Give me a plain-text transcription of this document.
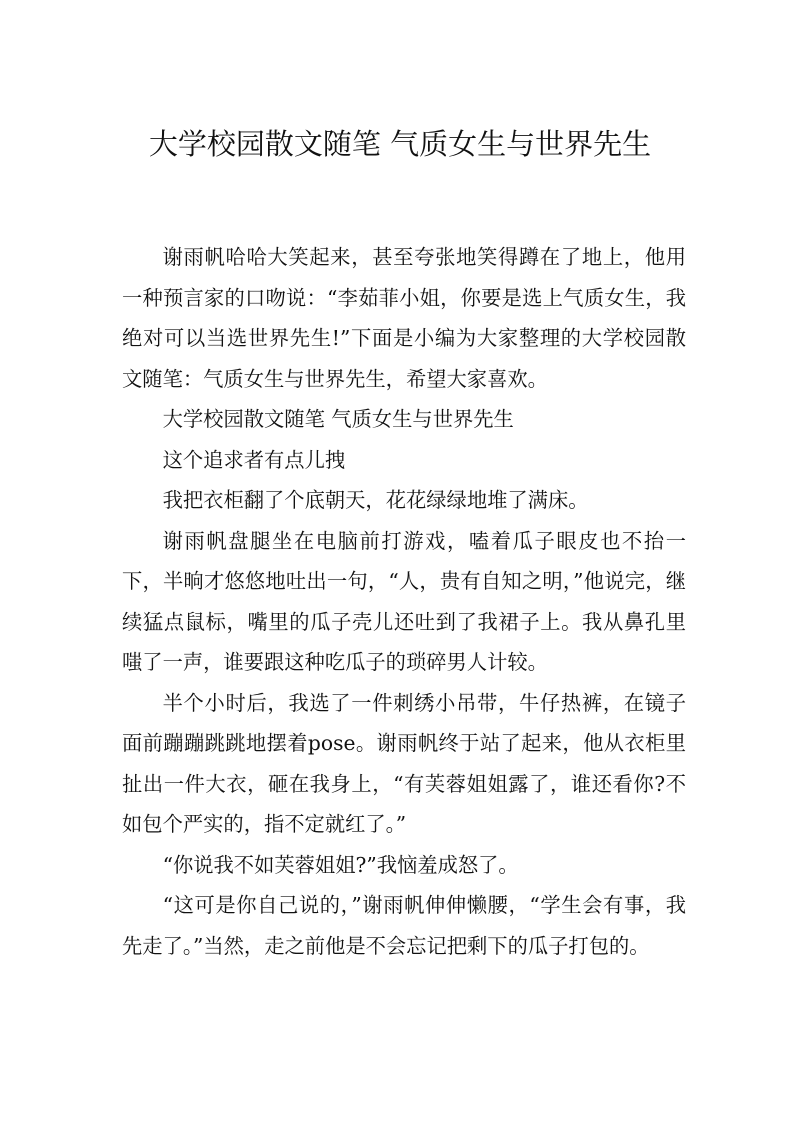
大学校园散文随笔 气质女生与世界先生

谢雨帆哈哈大笑起来，甚至夸张地笑得蹲在了地上，他用一种预言家的口吻说：“李茹菲小姐，你要是选上气质女生，我绝对可以当选世界先生!”下面是小编为大家整理的大学校园散文随笔：气质女生与世界先生，希望大家喜欢。

大学校园散文随笔 气质女生与世界先生

这个追求者有点儿拽

我把衣柜翻了个底朝天，花花绿绿地堆了满床。

谢雨帆盘腿坐在电脑前打游戏，嗑着瓜子眼皮也不抬一下，半晌才悠悠地吐出一句，“人，贵有自知之明，”他说完，继续猛点鼠标，嘴里的瓜子壳儿还吐到了我裙子上。我从鼻孔里嗤了一声，谁要跟这种吃瓜子的琐碎男人计较。

半个小时后，我选了一件刺绣小吊带，牛仔热裤，在镜子面前蹦蹦跳跳地摆着pose。谢雨帆终于站了起来，他从衣柜里扯出一件大衣，砸在我身上，“有芙蓉姐姐露了，谁还看你?不如包个严实的，指不定就红了。”

“你说我不如芙蓉姐姐?”我恼羞成怒了。

“这可是你自己说的，”谢雨帆伸伸懒腰，“学生会有事，我先走了。”当然，走之前他是不会忘记把剩下的瓜子打包的。
